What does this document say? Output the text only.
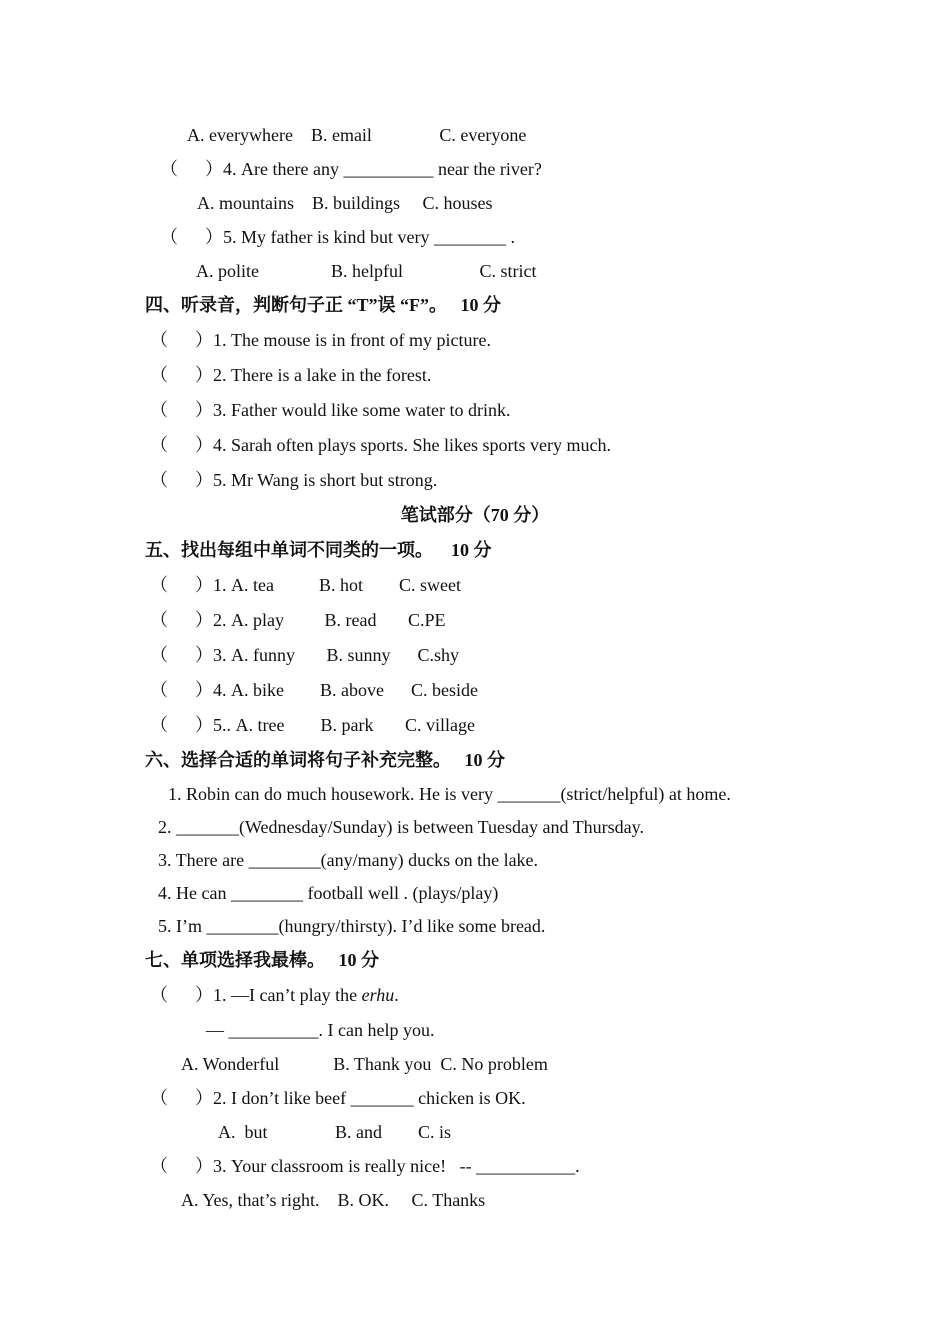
A. everywhere    B. email               C. everyone
（      ）4. Are there any __________ near the river?
A. mountains    B. buildings     C. houses
（      ）5. My father is kind but very ________ .
A. polite                B. helpful                 C. strict
四、听录音，判断句子正 “T”误 “F”。   10 分
（      ）1. The mouse is in front of my picture.
（      ）2. There is a lake in the forest.
（      ）3. Father would like some water to drink.
（      ）4. Sarah often plays sports. She likes sports very much.
（      ）5. Mr Wang is short but strong.
笔试部分（70 分）
五、找出每组中单词不同类的一项。    10 分
（      ）1. A. tea          B. hot        C. sweet
（      ）2. A. play         B. read       C.PE
（      ）3. A. funny       B. sunny      C.shy
（      ）4. A. bike        B. above      C. beside
（      ）5.. A. tree        B. park       C. village
六、选择合适的单词将句子补充完整。   10 分
1. Robin can do much housework. He is very _______(strict/helpful) at home.
2. _______(Wednesday/Sunday) is between Tuesday and Thursday.
3. There are ________(any/many) ducks on the lake.
4. He can ________ football well . (plays/play)
5. I’m ________(hungry/thirsty). I’d like some bread.
七、单项选择我最棒。   10 分
（      ）1. —I can’t play the erhu.
— __________. I can help you.
A. Wonderful            B. Thank you  C. No problem
（      ）2. I don’t like beef _______ chicken is OK.
A.  but               B. and        C. is
（      ）3. Your classroom is really nice!   -- ___________.
A. Yes, that’s right.    B. OK.     C. Thanks
